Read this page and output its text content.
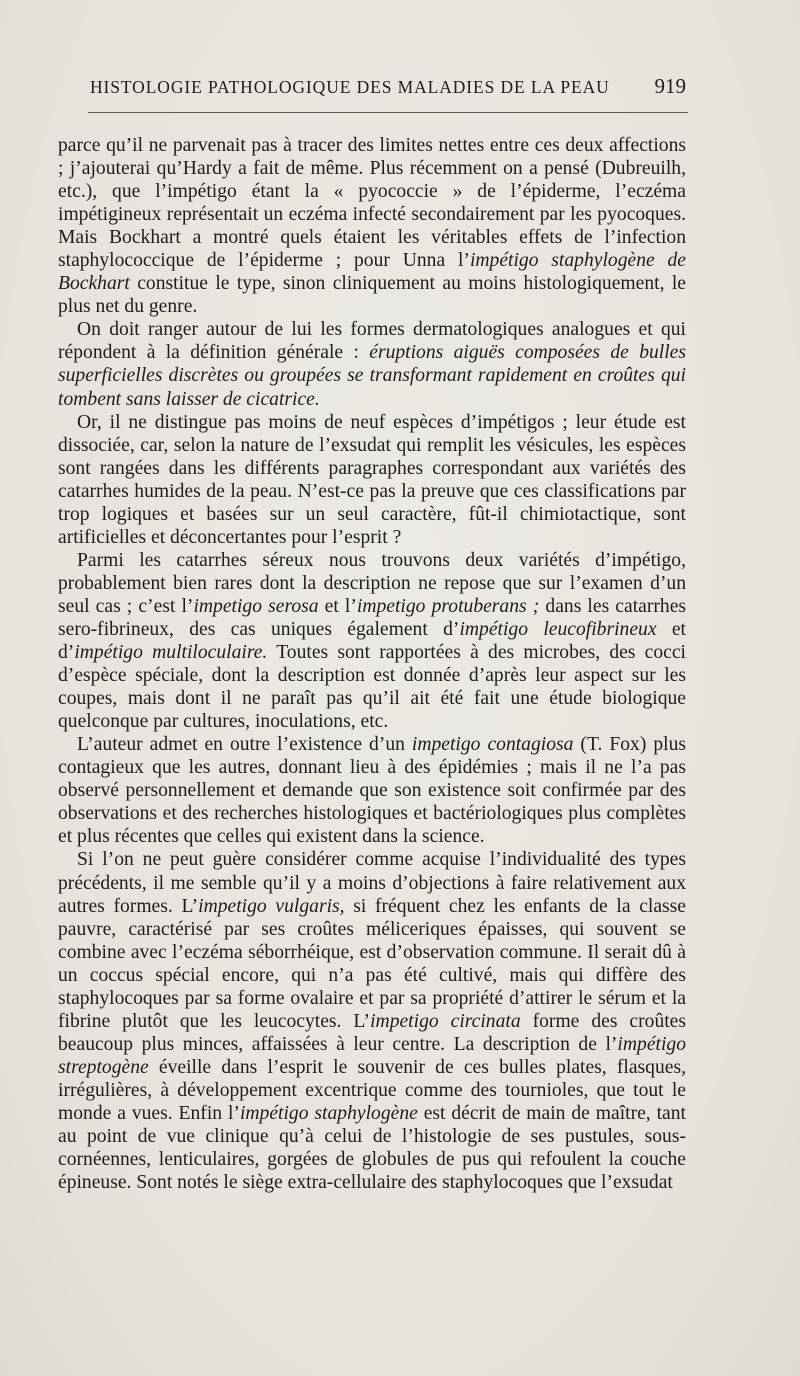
HISTOLOGIE PATHOLOGIQUE DES MALADIES DE LA PEAU 919

parce qu’il ne parvenait pas à tracer des limites nettes entre ces deux affections ; j’ajouterai qu’Hardy a fait de même. Plus récemment on a pensé (Dubreuilh, etc.), que l’impétigo étant la « pyococcie » de l’épiderme, l’eczéma impétigineux représentait un eczéma infecté secondairement par les pyocoques. Mais Bockhart a montré quels étaient les véritables effets de l’infection staphylococcique de l’épiderme ; pour Unna l’impétigo staphylogène de Bockhart constitue le type, sinon cliniquement au moins histologiquement, le plus net du genre.

On doit ranger autour de lui les formes dermatologiques analogues et qui répondent à la définition générale : éruptions aiguës composées de bulles superficielles discrètes ou groupées se transformant rapidement en croûtes qui tombent sans laisser de cicatrice.

Or, il ne distingue pas moins de neuf espèces d’impétigos ; leur étude est dissociée, car, selon la nature de l’exsudat qui remplit les vésicules, les espèces sont rangées dans les différents paragraphes correspondant aux variétés des catarrhes humides de la peau. N’est-ce pas la preuve que ces classifications par trop logiques et basées sur un seul caractère, fût-il chimiotactique, sont artificielles et déconcertantes pour l’esprit ?

Parmi les catarrhes séreux nous trouvons deux variétés d’impétigo, probablement bien rares dont la description ne repose que sur l’examen d’un seul cas ; c’est l’impetigo serosa et l’impetigo protuberans ; dans les catarrhes sero-fibrineux, des cas uniques également d’impétigo leucofibrineux et d’impétigo multiloculaire. Toutes sont rapportées à des microbes, des cocci d’espèce spéciale, dont la description est donnée d’après leur aspect sur les coupes, mais dont il ne paraît pas qu’il ait été fait une étude biologique quelconque par cultures, inoculations, etc.

L’auteur admet en outre l’existence d’un impetigo contagiosa (T. Fox) plus contagieux que les autres, donnant lieu à des épidémies ; mais il ne l’a pas observé personnellement et demande que son existence soit confirmée par des observations et des recherches histologiques et bactériologiques plus complètes et plus récentes que celles qui existent dans la science.

Si l’on ne peut guère considérer comme acquise l’individualité des types précédents, il me semble qu’il y a moins d’objections à faire relativement aux autres formes. L’impetigo vulgaris, si fréquent chez les enfants de la classe pauvre, caractérisé par ses croûtes méliceriques épaisses, qui souvent se combine avec l’eczéma séborrhéique, est d’observation commune. Il serait dû à un coccus spécial encore, qui n’a pas été cultivé, mais qui diffère des staphylocoques par sa forme ovalaire et par sa propriété d’attirer le sérum et la fibrine plutôt que les leucocytes. L’impetigo circinata forme des croûtes beaucoup plus minces, affaissées à leur centre. La description de l’impétigo streptogène éveille dans l’esprit le souvenir de ces bulles plates, flasques, irrégulières, à développement excentrique comme des tournioles, que tout le monde a vues. Enfin l’impétigo staphylogène est décrit de main de maître, tant au point de vue clinique qu’à celui de l’histologie de ses pustules, sous-cornéennes, lenticulaires, gorgées de globules de pus qui refoulent la couche épineuse. Sont notés le siège extra-cellulaire des staphylocoques que l’exsudat
